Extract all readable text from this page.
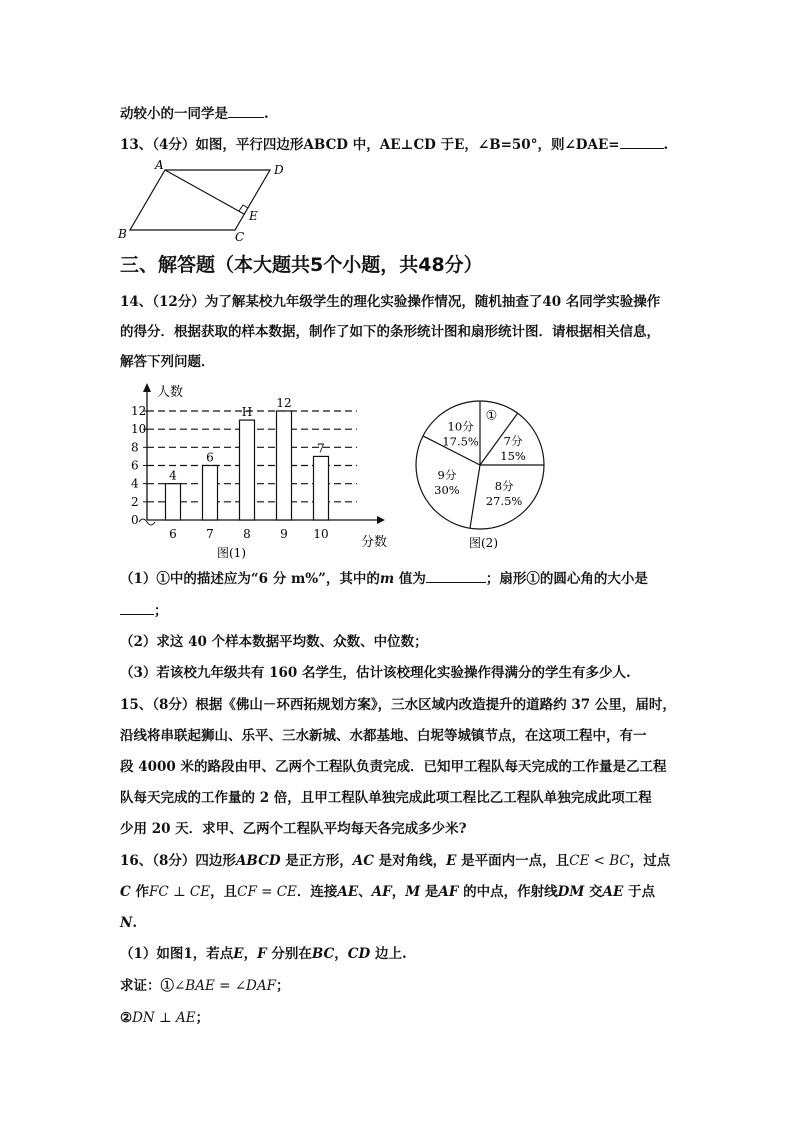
动较小的一同学是	.
13、（4分）如图，平行四边形ABCD 中，AE⊥CD 于E，∠B=50°，则∠DAE=	.
A	D
E
B	C
三、解答题（本大题共5个小题，共48分）
14、（12分）为了解某校九年级学生的理化实验操作情况，随机抽查了40 名同学实验操作
的得分．根据获取的样本数据，制作了如下的条形统计图和扇形统计图．请根据相关信息，
解答下列问题．
人数
分数
图(1)
0
2
4
6
8
10
12
4
6
6
7
H
8
12
9
7
10
①
7分
15%
8分
27.5%
9分
30%
10分
17.5%
图(2)
（1）①中的描述应为“6 分 m%”，其中的m 值为	；扇形①的圆心角的大小是
；
（2）求这 40 个样本数据平均数、众数、中位数；
（3）若该校九年级共有 160 名学生，估计该校理化实验操作得满分的学生有多少人.
15、（8分）根据《佛山－环西拓规划方案》，三水区域内改造提升的道路约 37 公里，届时，
沿线将串联起狮山、乐平、三水新城、水都基地、白坭等城镇节点，在这项工程中，有一
段 4000 米的路段由甲、乙两个工程队负责完成．已知甲工程队每天完成的工作量是乙工程
队每天完成的工作量的 2 倍，且甲工程队单独完成此项工程比乙工程队单独完成此项工程
少用 20 天．求甲、乙两个工程队平均每天各完成多少米?
16、（8分）四边形ABCD 是正方形，AC 是对角线，E 是平面内一点，且CE < BC，过点
C 作FC ⊥ CE，且CF = CE．连接AE、AF，M 是AF 的中点，作射线DM 交AE 于点
N.
（1）如图1，若点E，F 分别在BC，CD 边上.
求证：①∠BAE = ∠DAF；
②DN ⊥ AE；
